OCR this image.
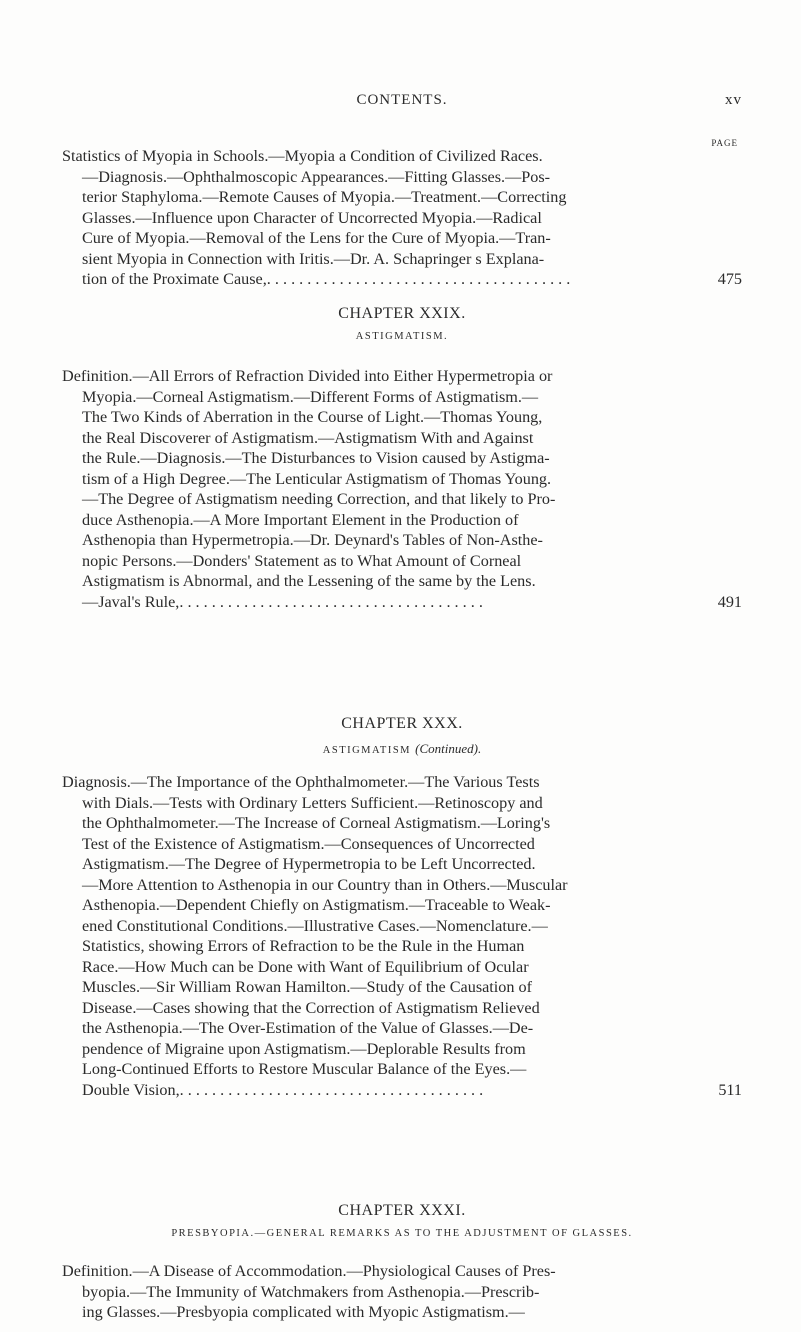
CONTENTS.	xv
PAGE
Statistics of Myopia in Schools.—Myopia a Condition of Civilized Races.
—Diagnosis.—Ophthalmoscopic Appearances.—Fitting Glasses.—Pos-
terior Staphyloma.—Remote Causes of Myopia.—Treatment.—Correcting
Glasses.—Influence upon Character of Uncorrected Myopia.—Radical
Cure of Myopia.—Removal of the Lens for the Cure of Myopia.—Tran-
sient Myopia in Connection with Iritis.—Dr. A. Schapringer s Explana-
tion of the Proximate Cause, . .	475
CHAPTER XXIX.
ASTIGMATISM.
Definition.—All Errors of Refraction Divided into Either Hypermetropia or
Myopia.—Corneal Astigmatism.—Different Forms of Astigmatism.—
The Two Kinds of Aberration in the Course of Light.—Thomas Young,
the Real Discoverer of Astigmatism.—Astigmatism With and Against
the Rule.—Diagnosis.—The Disturbances to Vision caused by Astigma-
tism of a High Degree.—The Lenticular Astigmatism of Thomas Young.
—The Degree of Astigmatism needing Correction, and that likely to Pro-
duce Asthenopia.—A More Important Element in the Production of
Asthenopia than Hypermetropia.—Dr. Deynard's Tables of Non-Asthe-
nopic Persons.—Donders' Statement as to What Amount of Corneal
Astigmatism is Abnormal, and the Lessening of the same by the Lens.
—Javal's Rule, . .	491
CHAPTER XXX.
ASTIGMATISM (Continued).
Diagnosis.—The Importance of the Ophthalmometer.—The Various Tests
with Dials.—Tests with Ordinary Letters Sufficient.—Retinoscopy and
the Ophthalmometer.—The Increase of Corneal Astigmatism.—Loring's
Test of the Existence of Astigmatism.—Consequences of Uncorrected
Astigmatism.—The Degree of Hypermetropia to be Left Uncorrected.
—More Attention to Asthenopia in our Country than in Others.—Muscular
Asthenopia.—Dependent Chiefly on Astigmatism.—Traceable to Weak-
ened Constitutional Conditions.—Illustrative Cases.—Nomenclature.—
Statistics, showing Errors of Refraction to be the Rule in the Human
Race.—How Much can be Done with Want of Equilibrium of Ocular
Muscles.—Sir William Rowan Hamilton.—Study of the Causation of
Disease.—Cases showing that the Correction of Astigmatism Relieved
the Asthenopia.—The Over-Estimation of the Value of Glasses.—De-
pendence of Migraine upon Astigmatism.—Deplorable Results from
Long-Continued Efforts to Restore Muscular Balance of the Eyes.—
Double Vision, . .	511
CHAPTER XXXI.
PRESBYOPIA.—GENERAL REMARKS AS TO THE ADJUSTMENT OF GLASSES.
Definition.—A Disease of Accommodation.—Physiological Causes of Pres-
byopia.—The Immunity of Watchmakers from Asthenopia.—Prescrib-
ing Glasses.—Presbyopia complicated with Myopic Astigmatism.—
